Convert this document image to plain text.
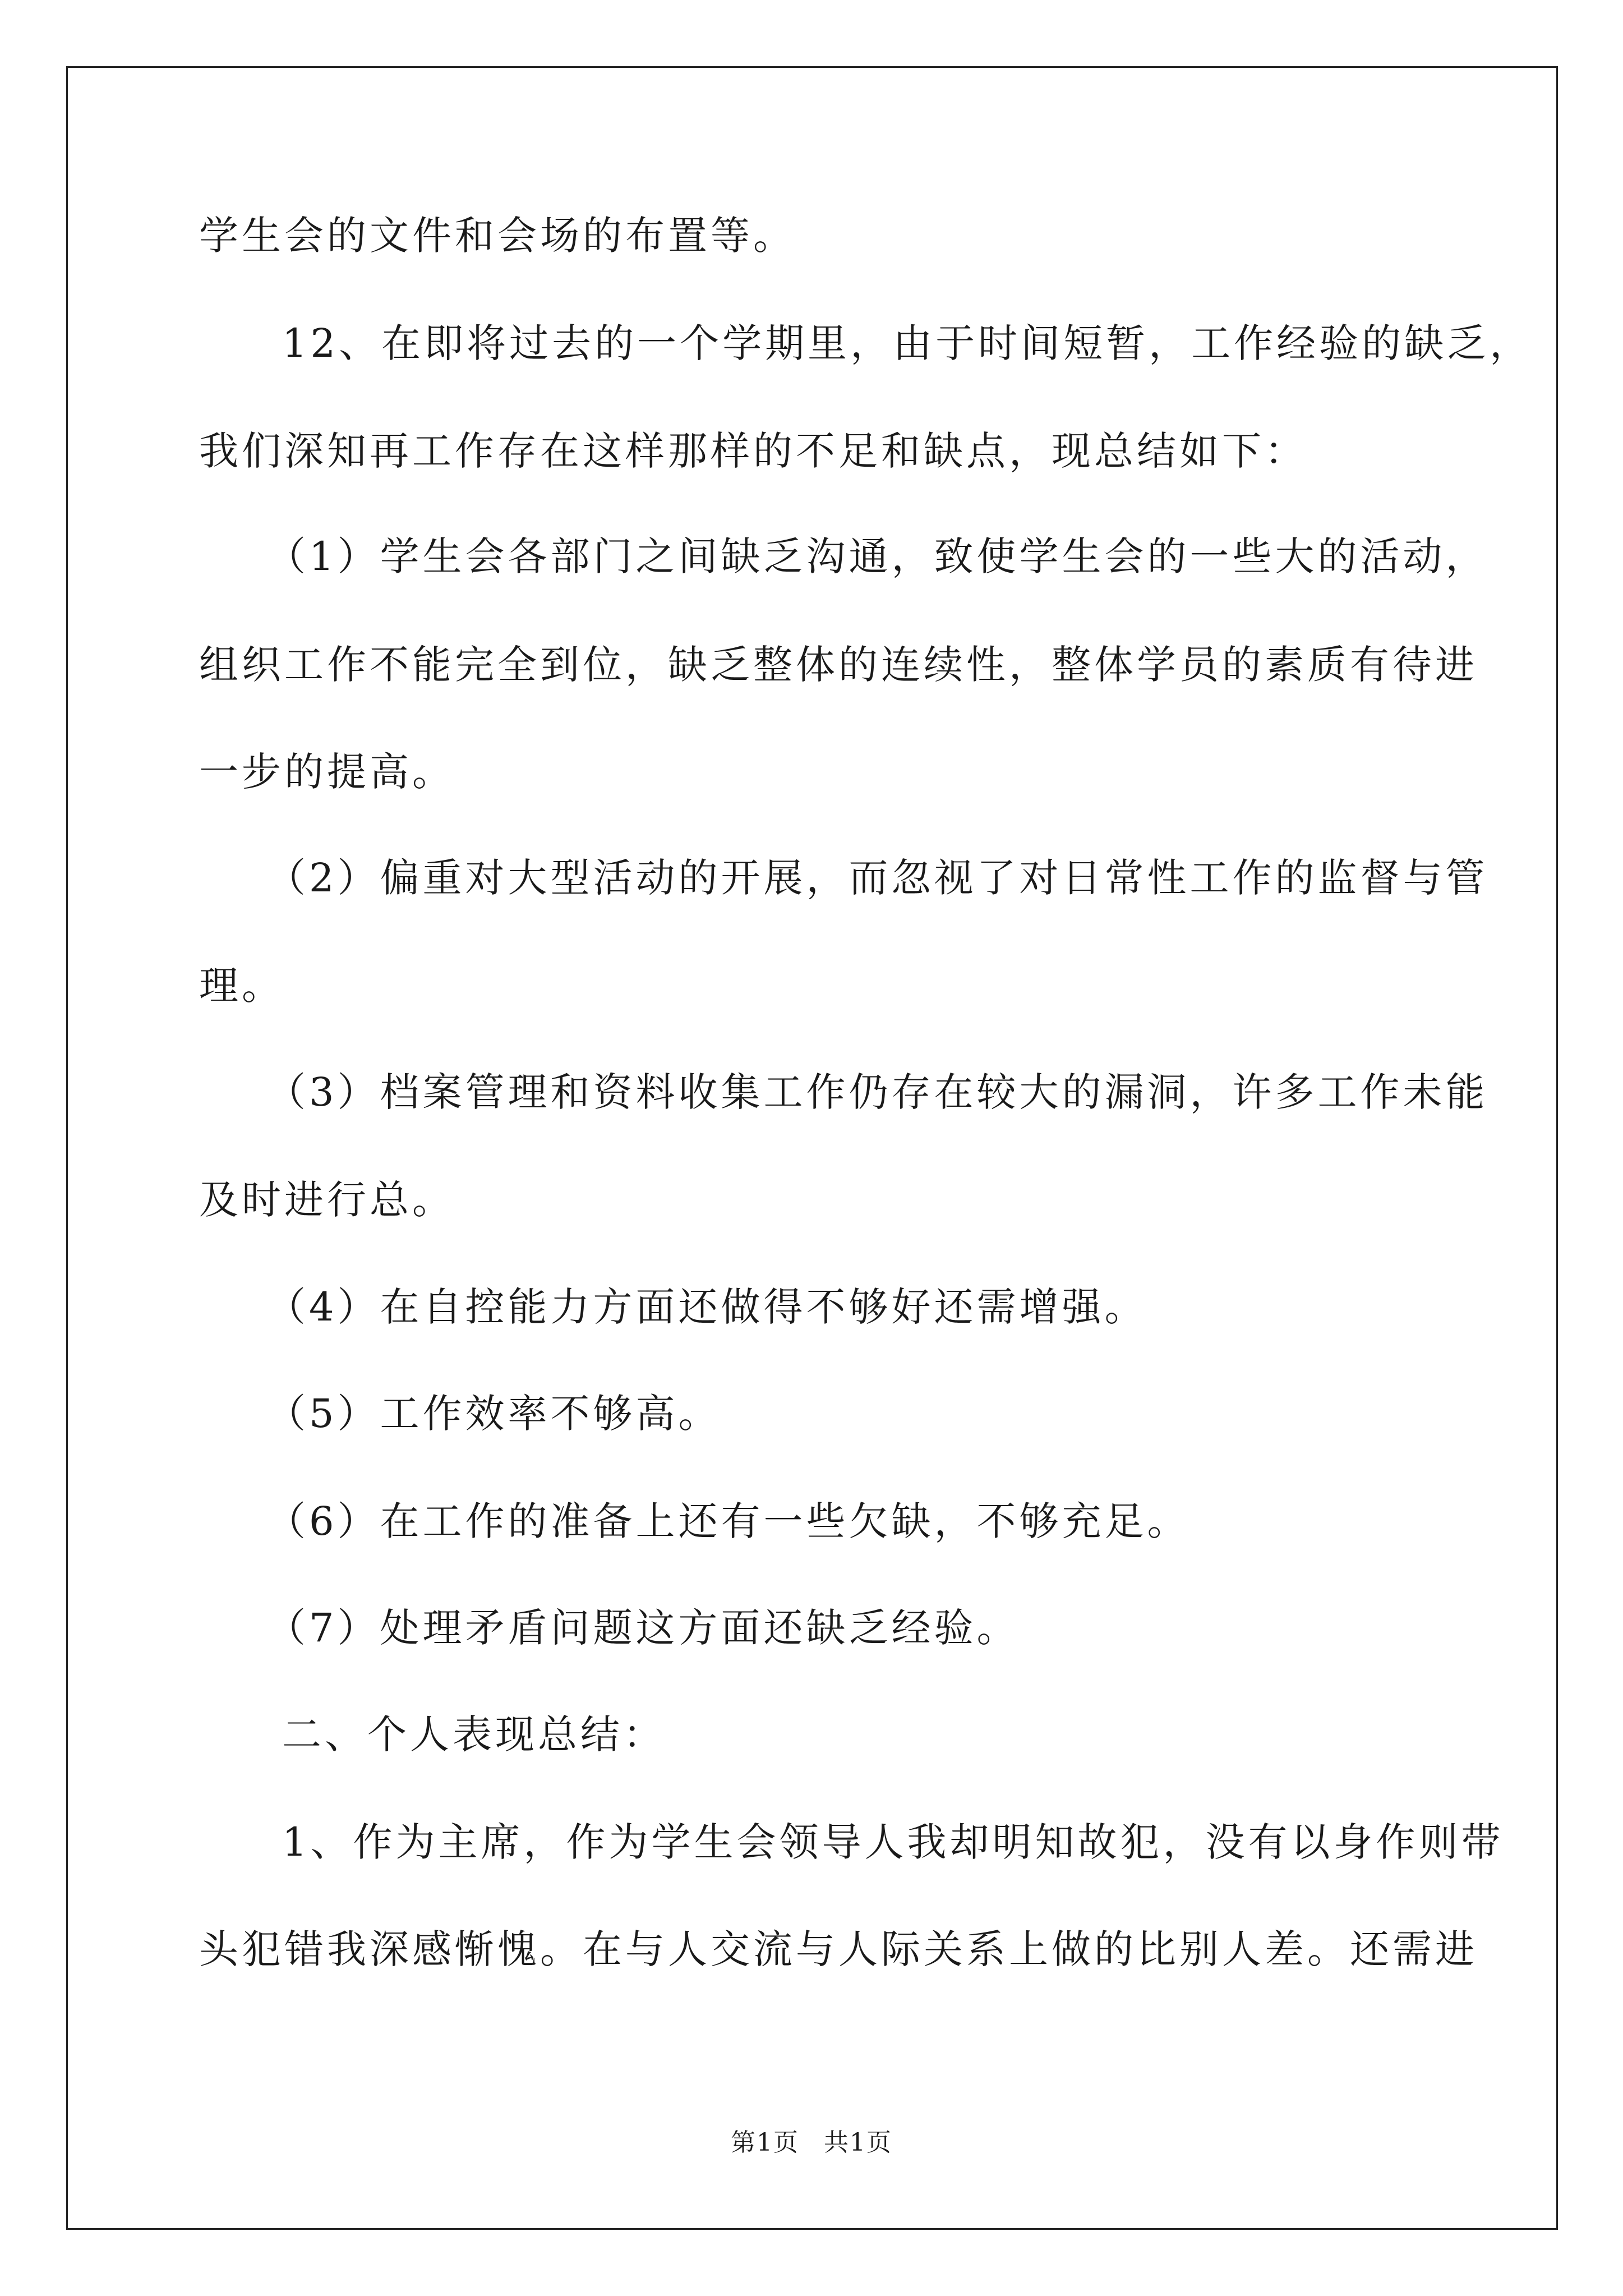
学生会的文件和会场的布置等。
12、在即将过去的一个学期里，由于时间短暂，工作经验的缺乏，
我们深知再工作存在这样那样的不足和缺点，现总结如下：
（1）学生会各部门之间缺乏沟通，致使学生会的一些大的活动，
组织工作不能完全到位，缺乏整体的连续性，整体学员的素质有待进
一步的提高。
（2）偏重对大型活动的开展，而忽视了对日常性工作的监督与管
理。
（3）档案管理和资料收集工作仍存在较大的漏洞，许多工作未能
及时进行总。
（4）在自控能力方面还做得不够好还需增强。
（5）工作效率不够高。
（6）在工作的准备上还有一些欠缺，不够充足。
（7）处理矛盾问题这方面还缺乏经验。
二、个人表现总结：
1、作为主席，作为学生会领导人我却明知故犯，没有以身作则带
头犯错我深感惭愧。在与人交流与人际关系上做的比别人差。还需进
第1页 共1页
